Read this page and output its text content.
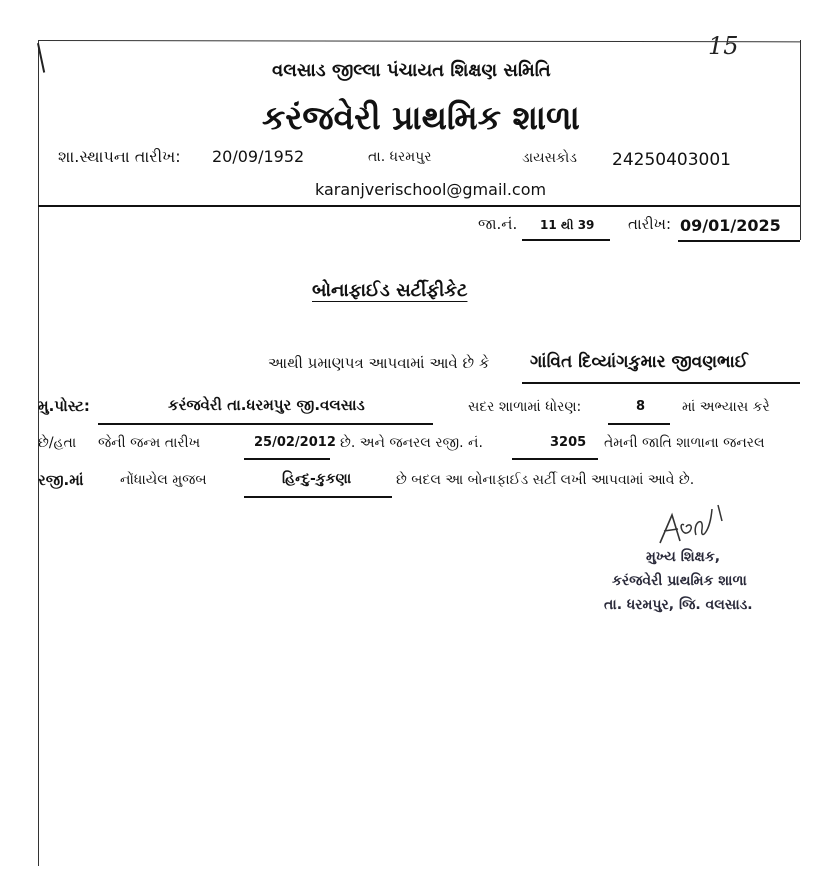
15
વલસાડ જીલ્લા પંચાયત શિક્ષણ સમિતિ
કરંજવેરી પ્રાથમિક શાળા
શા.સ્થાપના તારીખ: 20/09/1952	તા. ધરમપુર	ડાયસકોડ 24250403001
karanjverischool@gmail.com
જા.નં. 11 થી 39 તારીખ: 09/01/2025
બોનાફાઈડ સર્ટીફીકેટ
આથી પ્રમાણપત્ર આપવામાં આવે છે કે ગાંવિત દિવ્યાંગકુમાર જીવણભાઈ
મુ.પોસ્ટ:	કરંજવેરી તા.ધરમપુર જી.વલસાડ	સદર શાળામાં ધોરણ:	8	માં અભ્યાસ કરે
છે/હતા જેની જન્મ તારીખ	25/02/2012 છે. અને જનરલ રજી. નં.	3205 તેમની જાતિ શાળાના જનરલ
રજી.માં	નોંધાયેલ મુજબ	હિન્દુ-કુકણા	છે બદલ આ બોનાફાઈડ સર્ટી લખી આપવામાં આવે છે.
મુખ્ય શિક્ષક,
કરંજવેરી પ્રાથમિક શાળા
તા. ધરમપુર, જિ. વલસાડ.
